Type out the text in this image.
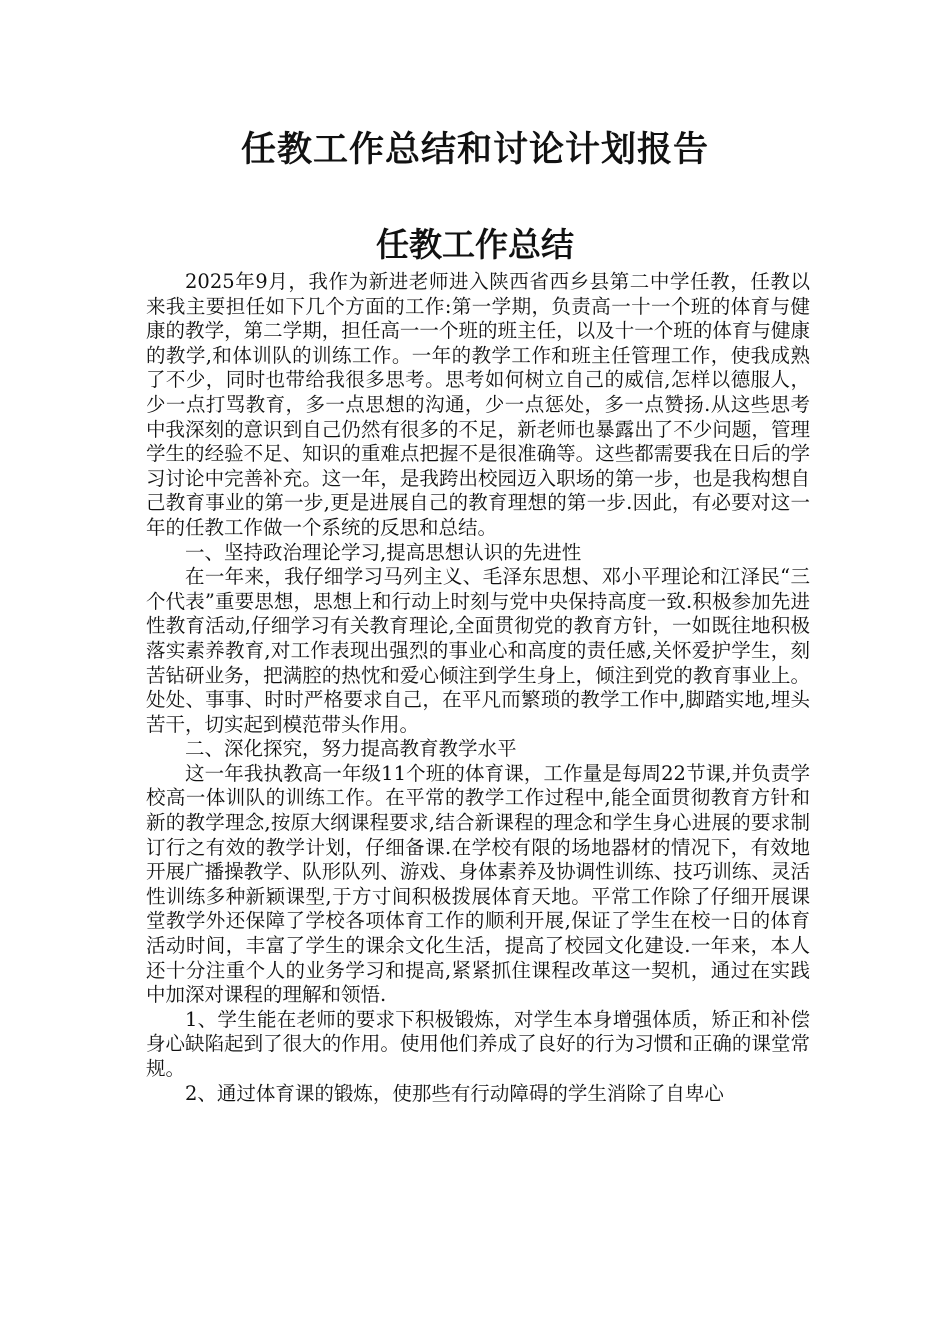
任教工作总结和讨论计划报告
任教工作总结

2025年9月，我作为新进老师进入陕西省西乡县第二中学任教，任教以来我主要担任如下几个方面的工作:第一学期，负责高一十一个班的体育与健康的教学，第二学期，担任高一一个班的班主任，以及十一个班的体育与健康的教学,和体训队的训练工作。一年的教学工作和班主任管理工作，使我成熟了不少，同时也带给我很多思考。思考如何树立自己的威信,怎样以德服人，少一点打骂教育，多一点思想的沟通，少一点惩处，多一点赞扬.从这些思考中我深刻的意识到自己仍然有很多的不足，新老师也暴露出了不少问题，管理学生的经验不足、知识的重难点把握不是很准确等。这些都需要我在日后的学习讨论中完善补充。这一年，是我跨出校园迈入职场的第一步，也是我构想自己教育事业的第一步,更是进展自己的教育理想的第一步.因此，有必要对这一年的任教工作做一个系统的反思和总结。

一、坚持政治理论学习,提高思想认识的先进性

在一年来，我仔细学习马列主义、毛泽东思想、邓小平理论和江泽民“三个代表”重要思想，思想上和行动上时刻与党中央保持高度一致.积极参加先进性教育活动,仔细学习有关教育理论,全面贯彻党的教育方针，一如既往地积极落实素养教育,对工作表现出强烈的事业心和高度的责任感,关怀爱护学生，刻苦钻研业务，把满腔的热忱和爱心倾注到学生身上，倾注到党的教育事业上。处处、事事、时时严格要求自己，在平凡而繁琐的教学工作中,脚踏实地,埋头苦干，切实起到模范带头作用。

二、深化探究，努力提高教育教学水平

这一年我执教高一年级11个班的体育课，工作量是每周22节课,并负责学校高一体训队的训练工作。在平常的教学工作过程中,能全面贯彻教育方针和新的教学理念,按原大纲课程要求,结合新课程的理念和学生身心进展的要求制订行之有效的教学计划，仔细备课.在学校有限的场地器材的情况下，有效地开展广播操教学、队形队列、游戏、身体素养及协调性训练、技巧训练、灵活性训练多种新颖课型,于方寸间积极拨展体育天地。平常工作除了仔细开展课堂教学外还保障了学校各项体育工作的顺利开展,保证了学生在校一日的体育活动时间，丰富了学生的课余文化生活，提高了校园文化建设.一年来，本人还十分注重个人的业务学习和提高,紧紧抓住课程改革这一契机，通过在实践中加深对课程的理解和领悟.

1、学生能在老师的要求下积极锻炼，对学生本身增强体质，矫正和补偿身心缺陷起到了很大的作用。使用他们养成了良好的行为习惯和正确的课堂常规。

2、通过体育课的锻炼，使那些有行动障碍的学生消除了自卑心
